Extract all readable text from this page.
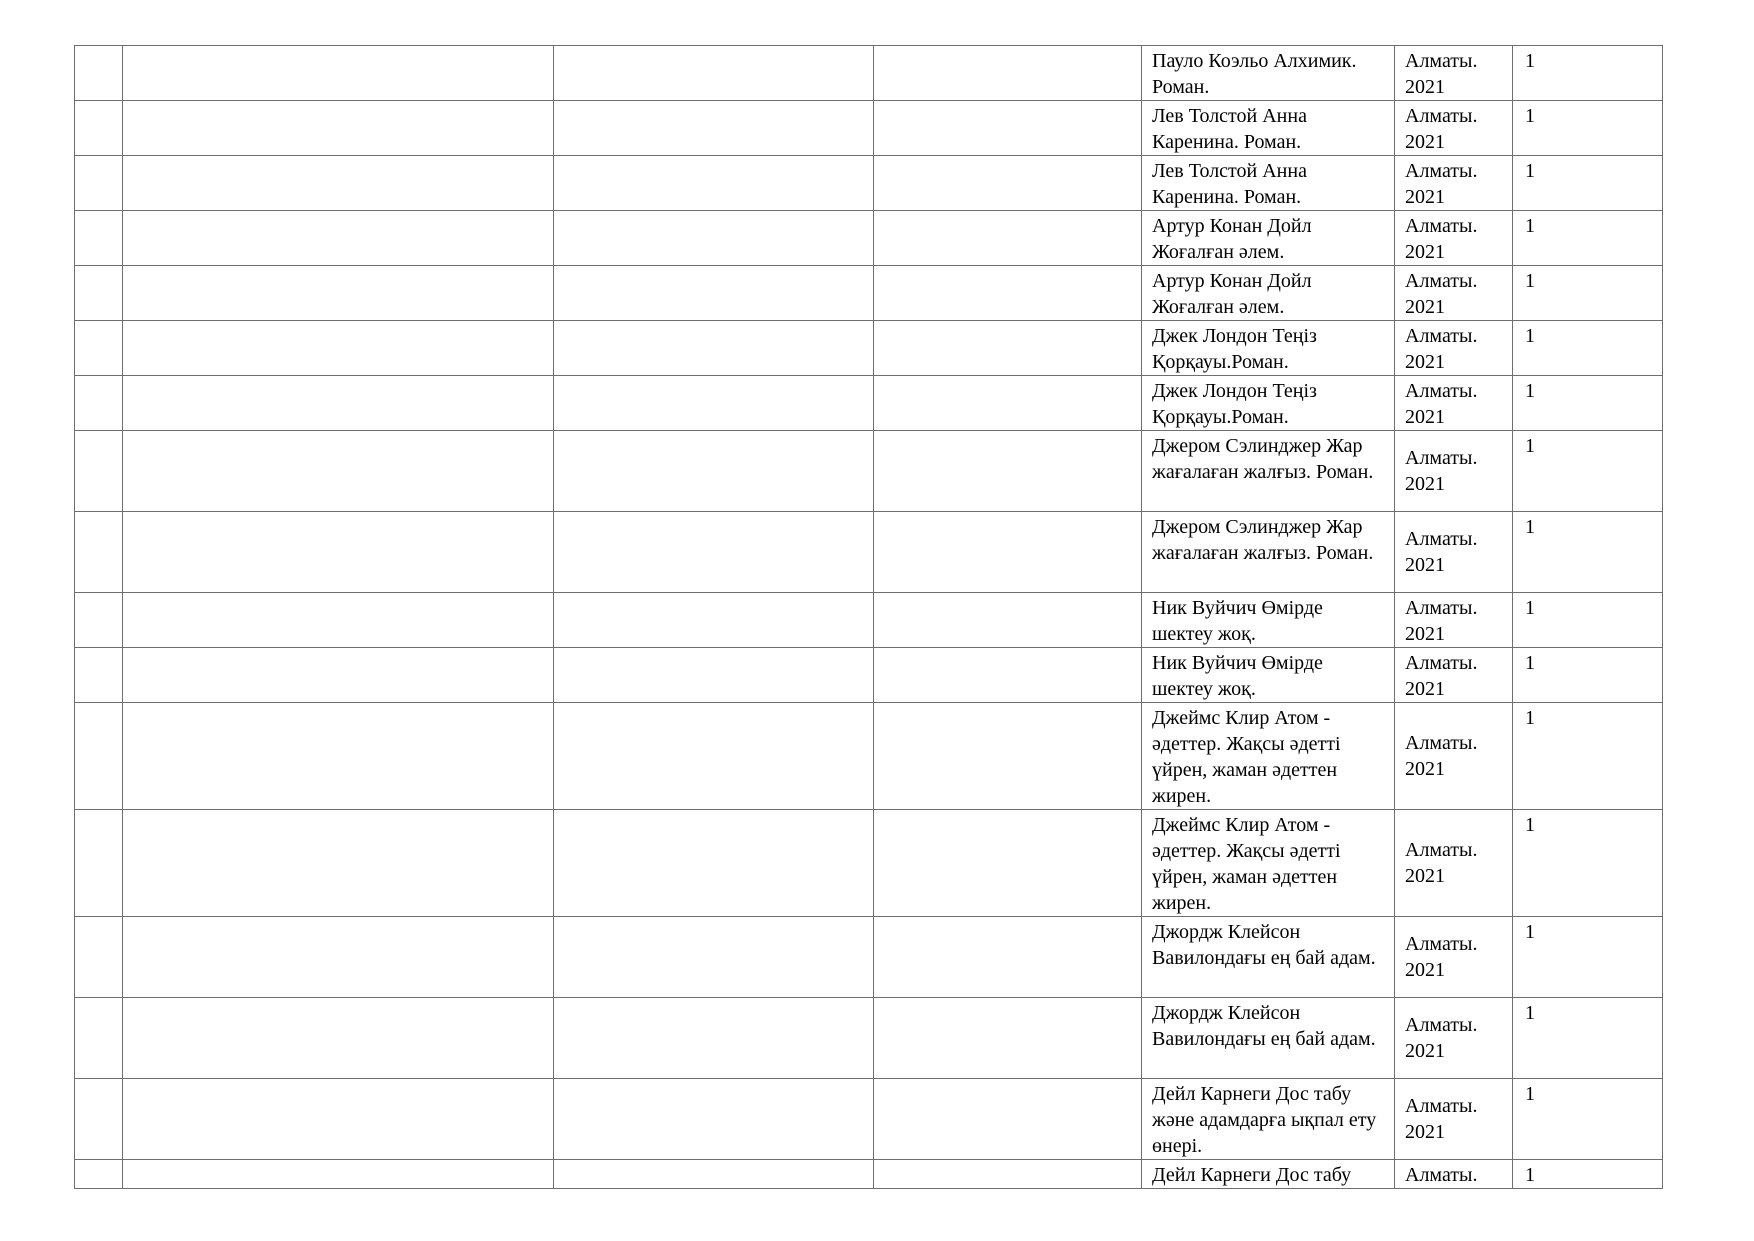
				Пауло Коэльо Алхимик. Роман.	Алматы. 2021	1
				Лев Толстой Анна Каренина. Роман.	Алматы. 2021	1
				Лев Толстой Анна Каренина. Роман.	Алматы. 2021	1
				Артур Конан Дойл Жоғалған әлем.	Алматы. 2021	1
				Артур Конан Дойл Жоғалған әлем.	Алматы. 2021	1
				Джек Лондон Теңіз Қорқауы.Роман.	Алматы. 2021	1
				Джек Лондон Теңіз Қорқауы.Роман.	Алматы. 2021	1
				Джером Сэлинджер Жар жағалаған жалғыз. Роман.	Алматы. 2021	1
				Джером Сэлинджер Жар жағалаған жалғыз. Роман.	Алматы. 2021	1
				Ник Вуйчич Өмірде шектеу жоқ.	Алматы. 2021	1
				Ник Вуйчич Өмірде шектеу жоқ.	Алматы. 2021	1
				Джеймс Клир Атом - әдеттер. Жақсы әдетті үйрен, жаман әдеттен жирен.	Алматы. 2021	1
				Джеймс Клир Атом - әдеттер. Жақсы әдетті үйрен, жаман әдеттен жирен.	Алматы. 2021	1
				Джордж Клейсон Вавилондағы ең бай адам.	Алматы. 2021	1
				Джордж Клейсон Вавилондағы ең бай адам.	Алматы. 2021	1
				Дейл Карнеги Дос табу және адамдарға ықпал ету өнері.	Алматы. 2021	1
				Дейл Карнеги Дос табу	Алматы.	1
